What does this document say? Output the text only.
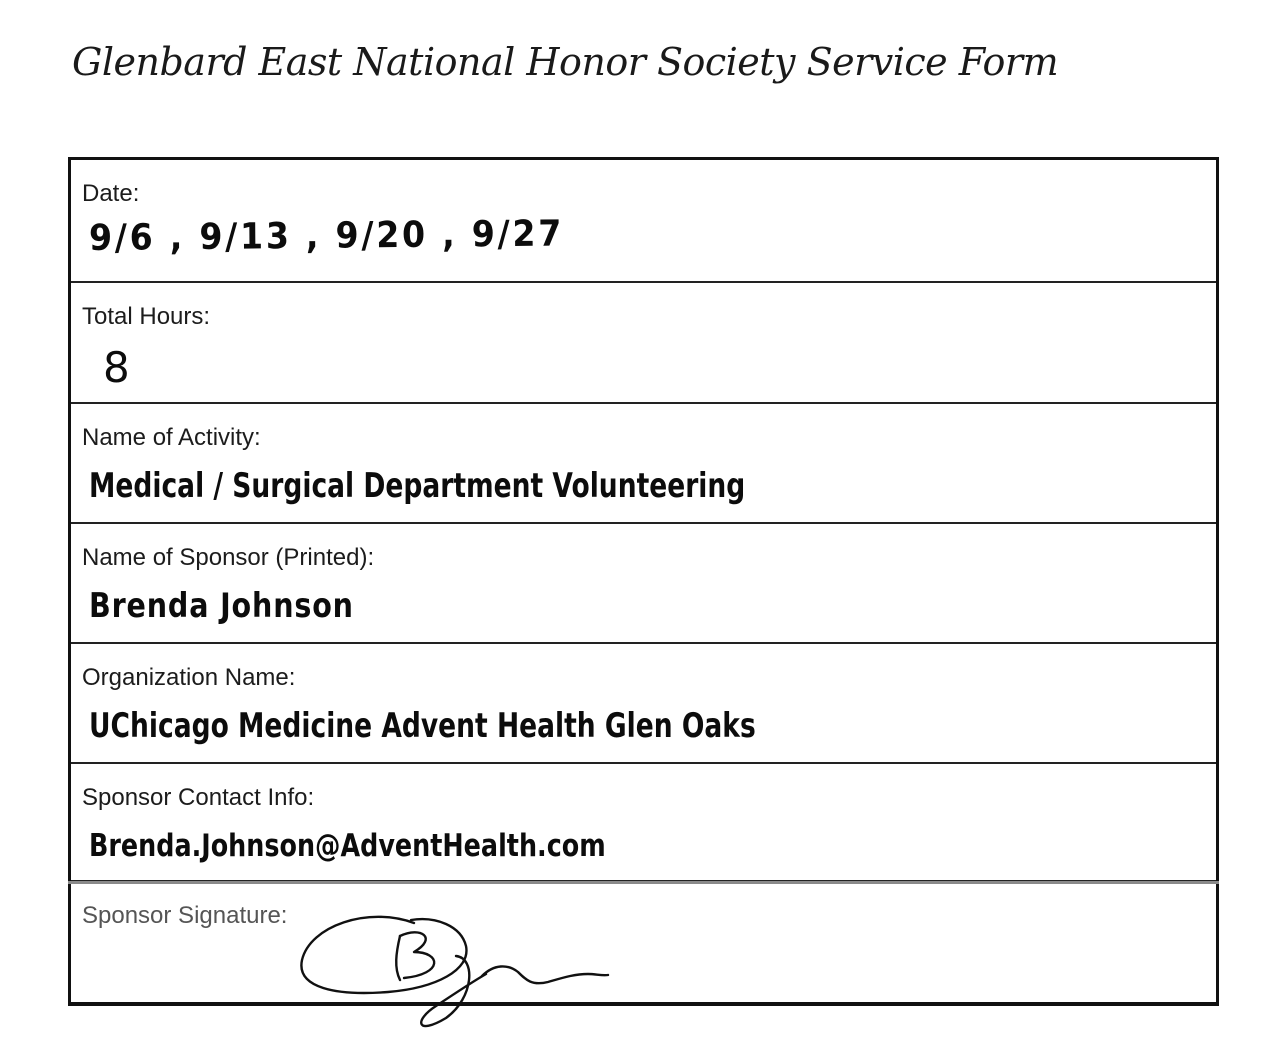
Glenbard East National Honor Society Service Form
Date:
9/6 , 9/13 , 9/20 , 9/27
Total Hours:
8
Name of Activity:
Medical / Surgical Department Volunteering
Name of Sponsor (Printed):
Brenda Johnson
Organization Name:
UChicago Medicine Advent Health Glen Oaks
Sponsor Contact Info:
Brenda.Johnson@AdventHealth.com
Sponsor Signature:
